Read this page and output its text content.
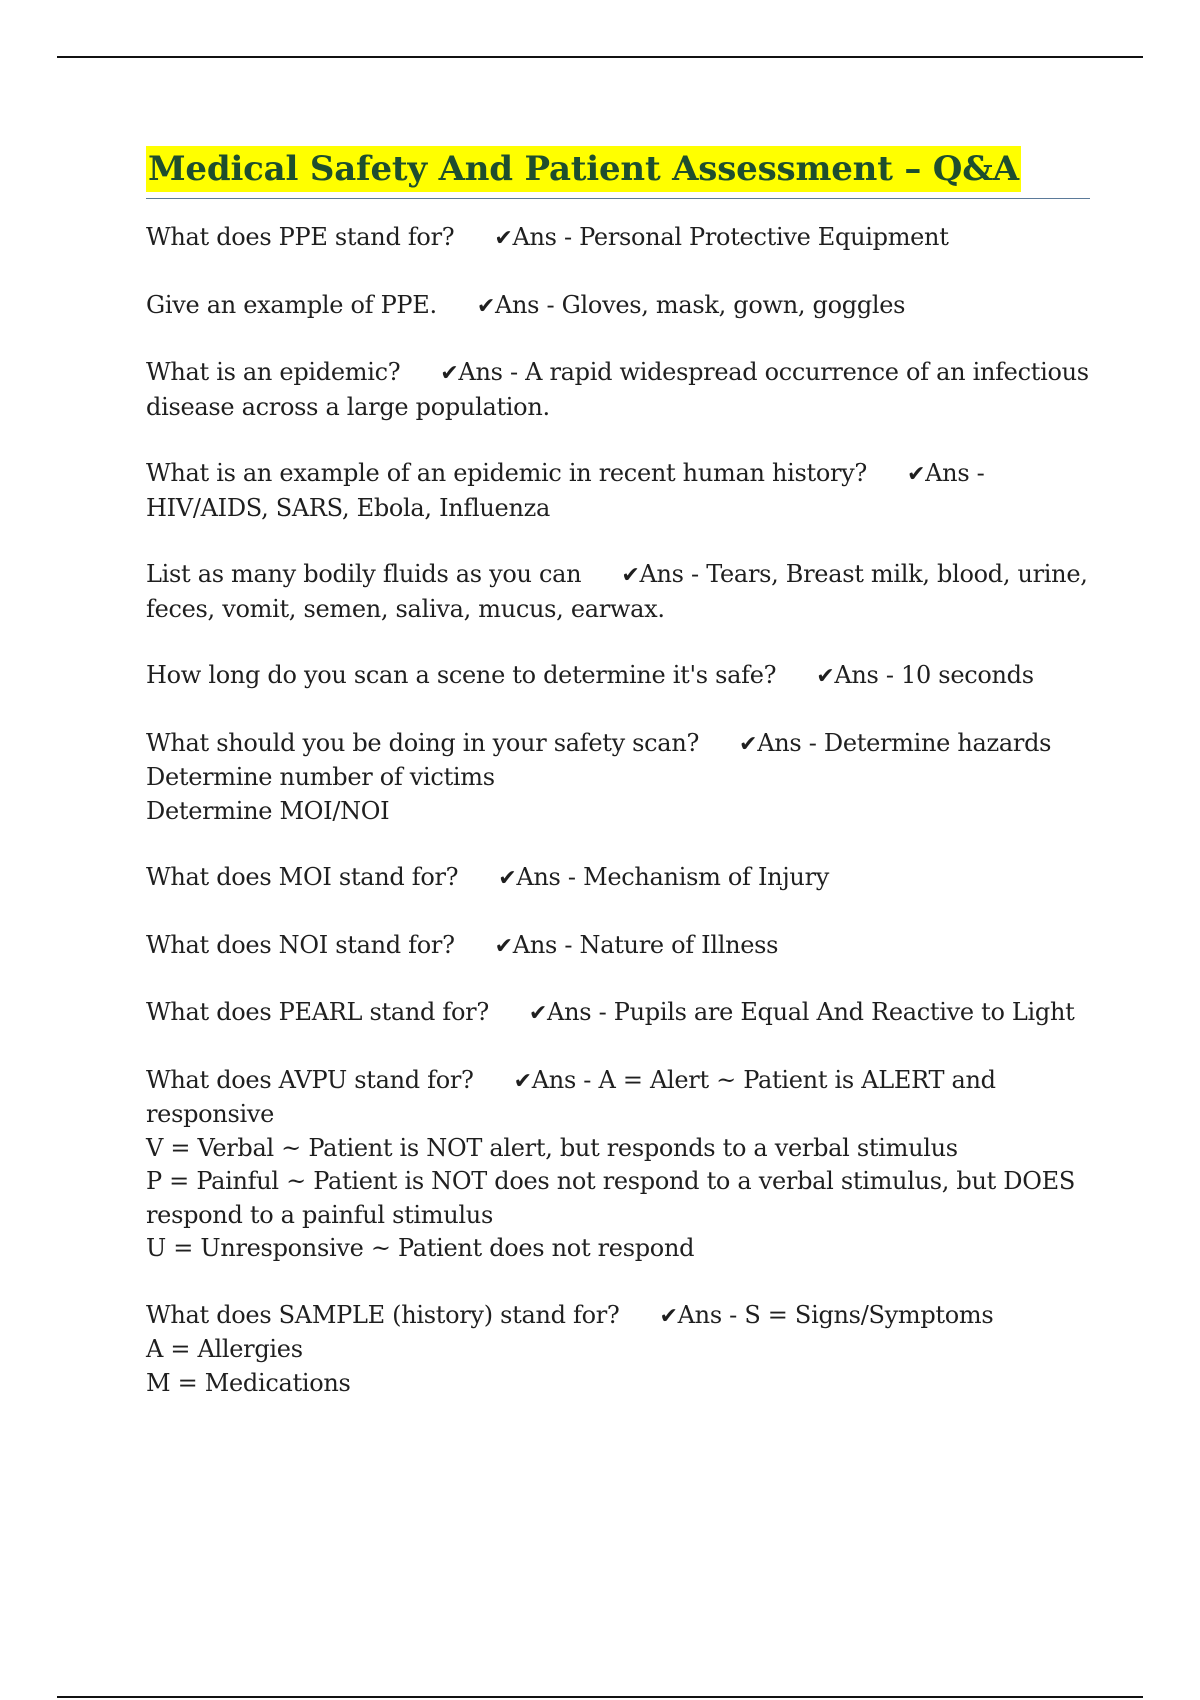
Medical Safety And Patient Assessment – Q&A
What does PPE stand for? ✔Ans - Personal Protective Equipment
Give an example of PPE. ✔Ans - Gloves, mask, gown, goggles
What is an epidemic? ✔Ans - A rapid widespread occurrence of an infectious disease across a large population.
What is an example of an epidemic in recent human history? ✔Ans - HIV/AIDS, SARS, Ebola, Influenza
List as many bodily fluids as you can ✔Ans - Tears, Breast milk, blood, urine, feces, vomit, semen, saliva, mucus, earwax.
How long do you scan a scene to determine it's safe? ✔Ans - 10 seconds
What should you be doing in your safety scan? ✔Ans - Determine hazards
Determine number of victims
Determine MOI/NOI
What does MOI stand for? ✔Ans - Mechanism of Injury
What does NOI stand for? ✔Ans - Nature of Illness
What does PEARL stand for? ✔Ans - Pupils are Equal And Reactive to Light
What does AVPU stand for? ✔Ans - A = Alert ~ Patient is ALERT and responsive
V = Verbal ~ Patient is NOT alert, but responds to a verbal stimulus
P = Painful ~ Patient is NOT does not respond to a verbal stimulus, but DOES respond to a painful stimulus
U = Unresponsive ~ Patient does not respond
What does SAMPLE (history) stand for? ✔Ans - S = Signs/Symptoms
A = Allergies
M = Medications
